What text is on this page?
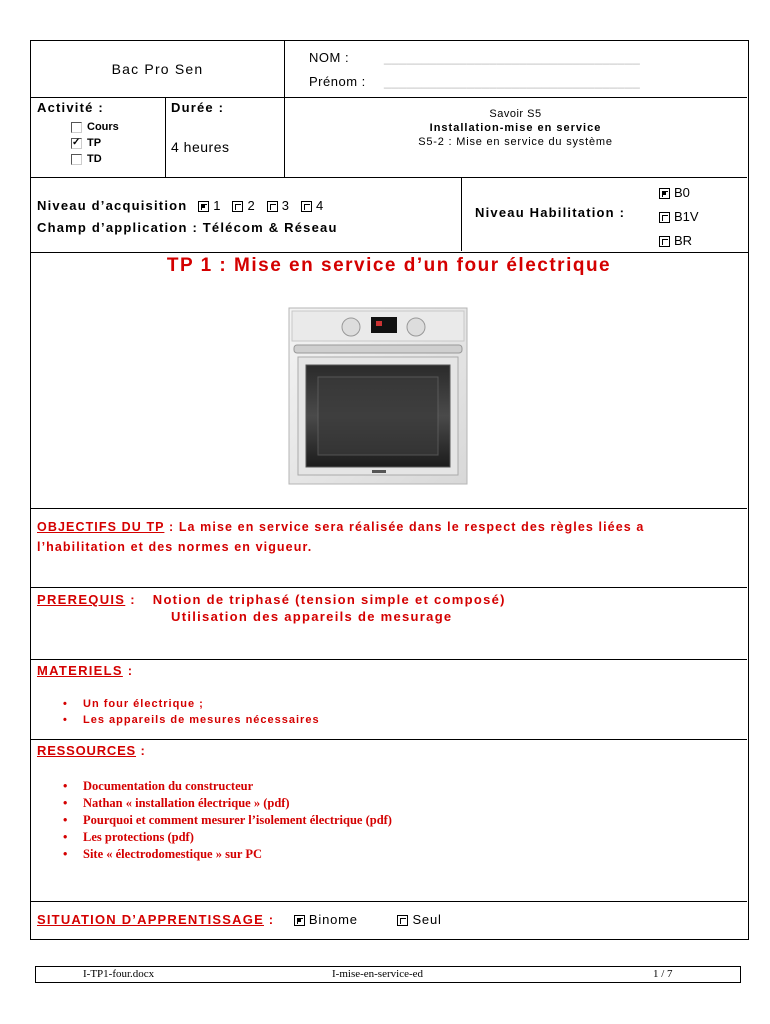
Bac Pro Sen
NOM :	__________________________________
Prénom : __________________________________
Activité :
Cours
✓TP
TD
Durée :
4 heures
Savoir S5
Installation-mise en service
S5-2 : Mise en service du système
Niveau d’acquisition 1 2 3 4
Champ d’application : Télécom & Réseau
Niveau Habilitation :
B0
B1V
BR
TP 1 : Mise en service d’un four électrique
OBJECTIFS DU TP : La mise en service sera réalisée dans le respect des règles liées a
l’habilitation et des normes en vigueur.
PREREQUIS : Notion de triphasé (tension simple et composé)
Utilisation des appareils de mesurage
MATERIELS :
• Un four électrique ;
• Les appareils de mesures nécessaires
RESSOURCES :
• Documentation du constructeur
• Nathan « installation électrique » (pdf)
• Pourquoi et comment mesurer l’isolement électrique (pdf)
• Les protections (pdf)
• Site « électrodomestique » sur PC
SITUATION D’APPRENTISSAGE :	Binome	Seul
I-TP1-four.docx	I-mise-en-service-ed	1 / 7
